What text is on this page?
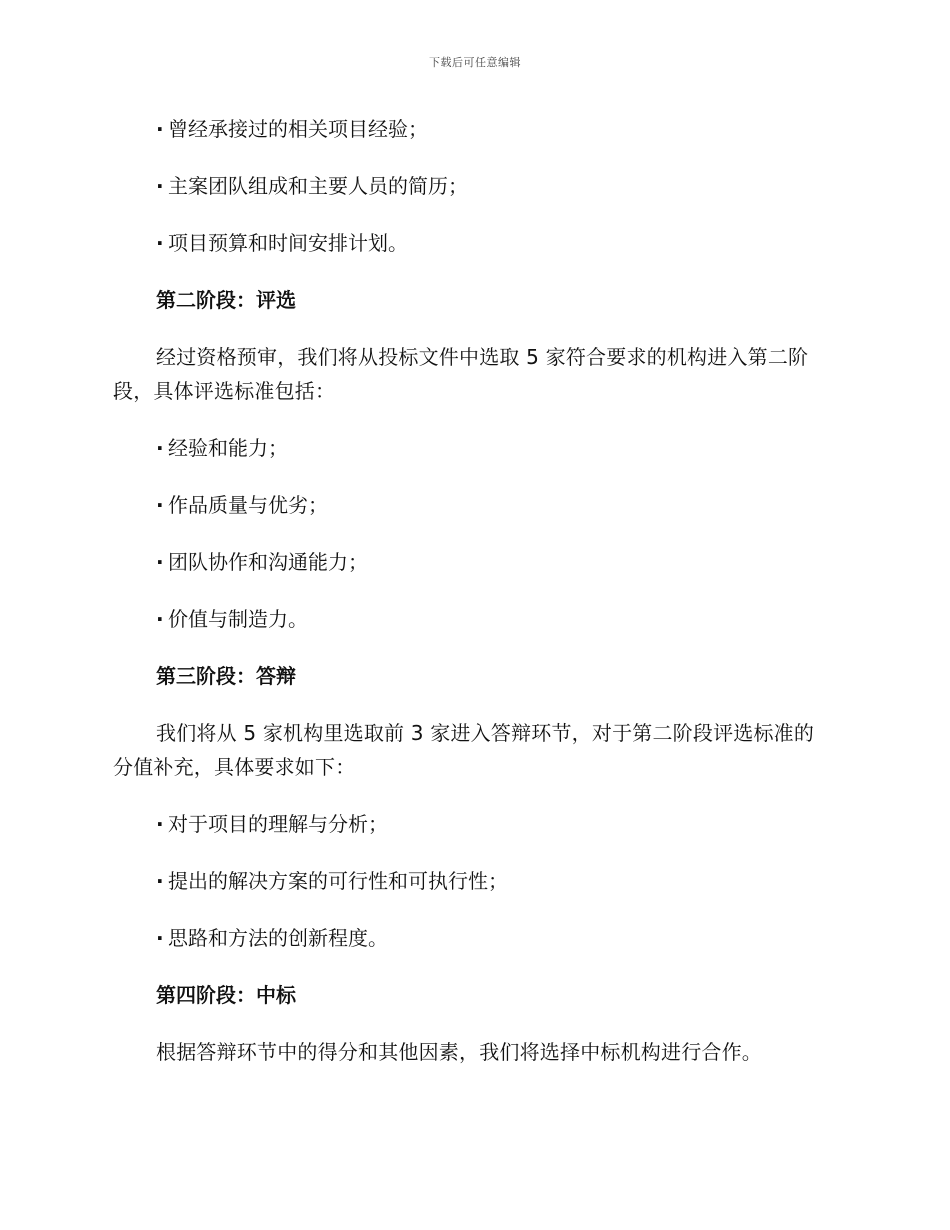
下载后可任意编辑
· 曾经承接过的相关项目经验；
· 主案团队组成和主要人员的简历；
· 项目预算和时间安排计划。
第二阶段：评选
经过资格预审，我们将从投标文件中选取 5 家符合要求的机构进入第二阶段，具体评选标准包括：
· 经验和能力；
· 作品质量与优劣；
· 团队协作和沟通能力；
· 价值与制造力。
第三阶段：答辩
我们将从 5 家机构里选取前 3 家进入答辩环节，对于第二阶段评选标准的分值补充，具体要求如下：
· 对于项目的理解与分析；
· 提出的解决方案的可行性和可执行性；
· 思路和方法的创新程度。
第四阶段：中标
根据答辩环节中的得分和其他因素，我们将选择中标机构进行合作。
